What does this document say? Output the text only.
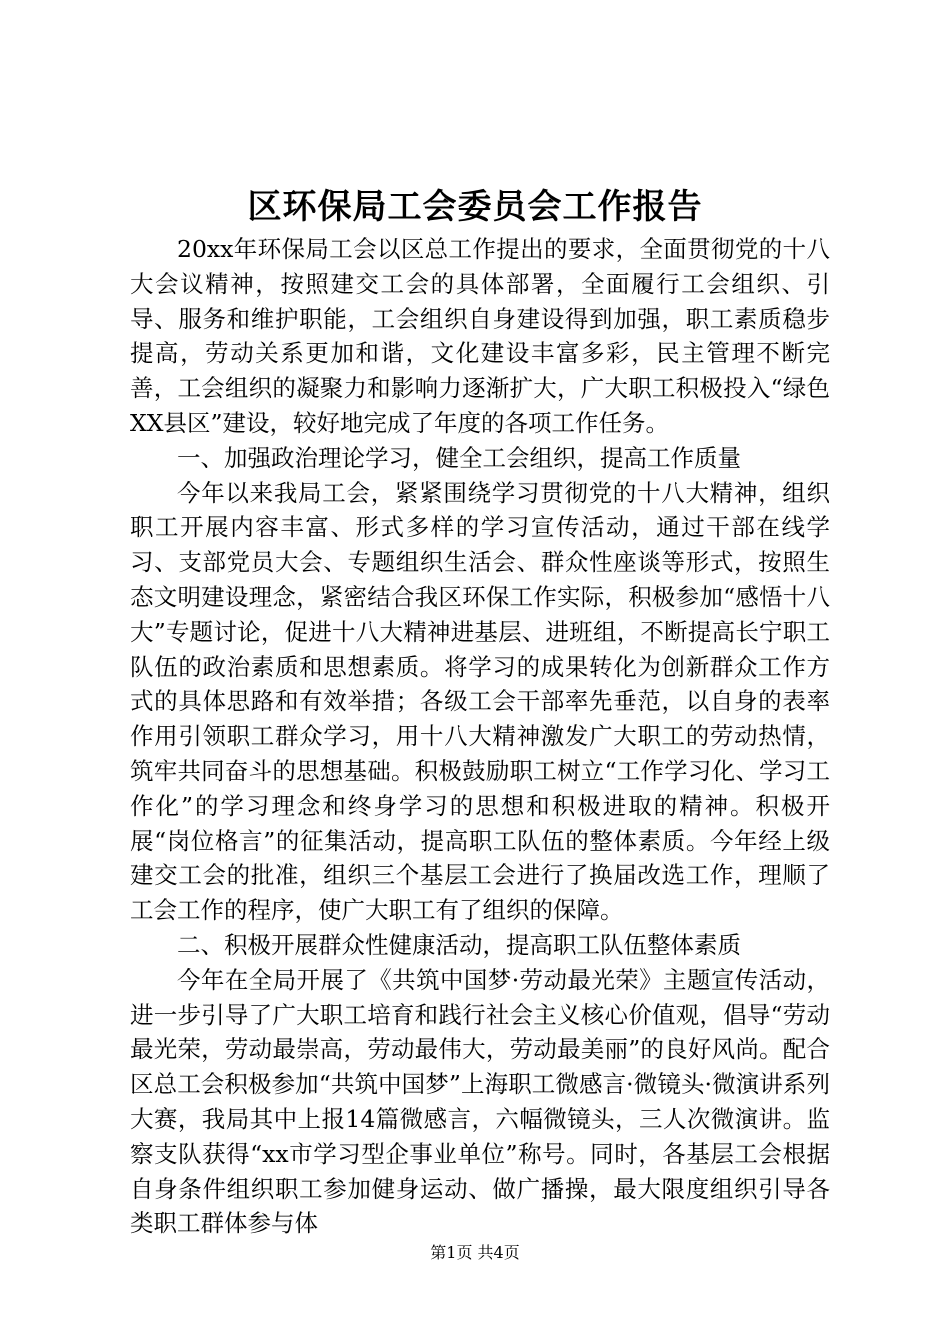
区环保局工会委员会工作报告

20xx年环保局工会以区总工作提出的要求，全面贯彻党的十八大会议精神，按照建交工会的具体部署，全面履行工会组织、引导、服务和维护职能，工会组织自身建设得到加强，职工素质稳步提高，劳动关系更加和谐，文化建设丰富多彩，民主管理不断完善，工会组织的凝聚力和影响力逐渐扩大，广大职工积极投入“绿色XX县区”建设，较好地完成了年度的各项工作任务。

一、加强政治理论学习，健全工会组织，提高工作质量

今年以来我局工会，紧紧围绕学习贯彻党的十八大精神，组织职工开展内容丰富、形式多样的学习宣传活动，通过干部在线学习、支部党员大会、专题组织生活会、群众性座谈等形式，按照生态文明建设理念，紧密结合我区环保工作实际，积极参加“感悟十八大”专题讨论，促进十八大精神进基层、进班组，不断提高长宁职工队伍的政治素质和思想素质。将学习的成果转化为创新群众工作方式的具体思路和有效举措；各级工会干部率先垂范，以自身的表率作用引领职工群众学习，用十八大精神激发广大职工的劳动热情，筑牢共同奋斗的思想基础。积极鼓励职工树立“工作学习化、学习工作化”的学习理念和终身学习的思想和积极进取的精神。积极开展“岗位格言”的征集活动，提高职工队伍的整体素质。今年经上级建交工会的批准，组织三个基层工会进行了换届改选工作，理顺了工会工作的程序，使广大职工有了组织的保障。

二、积极开展群众性健康活动，提高职工队伍整体素质

今年在全局开展了《共筑中国梦·劳动最光荣》主题宣传活动，进一步引导了广大职工培育和践行社会主义核心价值观，倡导“劳动最光荣，劳动最崇高，劳动最伟大，劳动最美丽”的良好风尚。配合区总工会积极参加“共筑中国梦”上海职工微感言·微镜头·微演讲系列大赛，我局其中上报14篇微感言，六幅微镜头，三人次微演讲。监察支队获得“xx市学习型企事业单位”称号。同时，各基层工会根据自身条件组织职工参加健身运动、做广播操，最大限度组织引导各类职工群体参与体

第1页 共4页
